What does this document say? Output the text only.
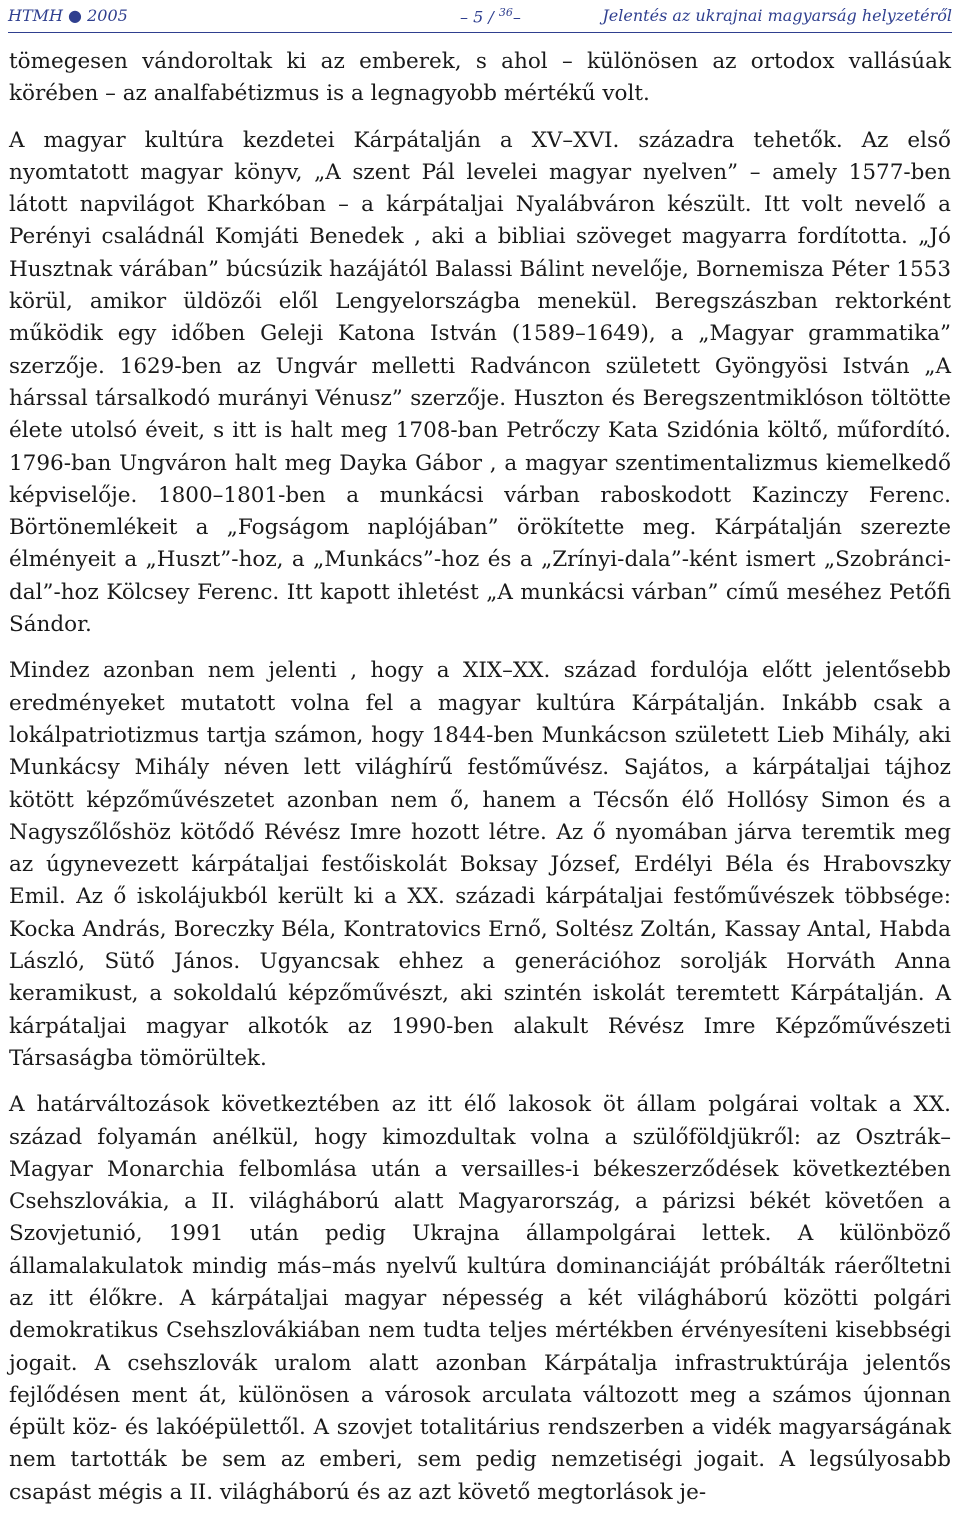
HTMH ● 2005	– 5 / $^{36}$–	Jelentés az ukrajnai magyarság helyzetéről

tömegesen vándoroltak ki az emberek, s ahol – különösen az ortodox vallásúak körében – az analfabétizmus is a legnagyobb mértékű volt.

A magyar kultúra kezdetei Kárpátalján a XV–XVI. századra tehetők. Az első nyomtatott magyar könyv, „A szent Pál levelei magyar nyelven” – amely 1577-ben látott napvilágot Kharkóban – a kárpátaljai Nyalábváron készült. Itt volt nevelő a Perényi családnál Komjáti Benedek , aki a bibliai szöveget magyarra fordította. „Jó Husztnak várában” búcsúzik hazájától Balassi Bálint nevelője, Bornemisza Péter 1553 körül, amikor üldözői elől Lengyelországba menekül. Beregszászban rektorként működik egy időben Geleji Katona István (1589–1649), a „Magyar grammatika” szerzője. 1629-ben az Ungvár melletti Radváncon született Gyöngyösi István „A hárssal társalkodó murányi Vénusz” szerzője. Huszton és Beregszentmiklóson töltötte élete utolsó éveit, s itt is halt meg 1708-ban Petrőczy Kata Szidónia költő, műfordító. 1796-ban Ungváron halt meg Dayka Gábor , a magyar szentimentalizmus kiemelkedő képviselője. 1800–1801-ben a munkácsi várban raboskodott Kazinczy Ferenc. Börtönemlékeit a „Fogságom naplójában” örökítette meg. Kárpátalján szerezte élményeit a „Huszt”-hoz, a „Munkács”-hoz és a „Zrínyi-dala”-ként ismert „Szobránci-dal”-hoz Kölcsey Ferenc. Itt kapott ihletést „A munkácsi várban” című meséhez Petőfi Sándor.

Mindez azonban nem jelenti , hogy a XIX–XX. század fordulója előtt jelentősebb eredményeket mutatott volna fel a magyar kultúra Kárpátalján. Inkább csak a lokálpatriotizmus tartja számon, hogy 1844-ben Munkácson született Lieb Mihály, aki Munkácsy Mihály néven lett világhírű festőművész. Sajátos, a kárpátaljai tájhoz kötött képzőművészetet azonban nem ő, hanem a Técsőn élő Hollósy Simon és a Nagyszőlőshöz kötődő Révész Imre hozott létre. Az ő nyomában járva teremtik meg az úgynevezett kárpátaljai festőiskolát Boksay József, Erdélyi Béla és Hrabovszky Emil. Az ő iskolájukból került ki a XX. századi kárpátaljai festőművészek többsége: Kocka András, Boreczky Béla, Kontratovics Ernő, Soltész Zoltán, Kassay Antal, Habda László, Sütő János. Ugyancsak ehhez a generációhoz sorolják Horváth Anna keramikust, a sokoldalú képzőművészt, aki szintén iskolát teremtett Kárpátalján. A kárpátaljai magyar alkotók az 1990-ben alakult Révész Imre Képzőművészeti Társaságba tömörültek.

A határváltozások következtében az itt élő lakosok öt állam polgárai voltak a XX. század folyamán anélkül, hogy kimozdultak volna a szülőföldjükről: az Osztrák–Magyar Monarchia felbomlása után a versailles-i békeszerződések következtében Csehszlovákia, a II. világháború alatt Magyarország, a párizsi békét követően a Szovjetunió, 1991 után pedig Ukrajna állampolgárai lettek. A különböző államalakulatok mindig más–más nyelvű kultúra dominanciáját próbálták ráerőltetni az itt élőkre. A kárpátaljai magyar népesség a két világháború közötti polgári demokratikus Csehszlovákiában nem tudta teljes mértékben érvényesíteni kisebbségi jogait. A csehszlovák uralom alatt azonban Kárpátalja infrastruktúrája jelentős fejlődésen ment át, különösen a városok arculata változott meg a számos újonnan épült köz- és lakóépülettől. A szovjet totalitárius rendszerben a vidék magyarságának nem tartották be sem az emberi, sem pedig nemzetiségi jogait. A legsúlyosabb csapást mégis a II. világháború és az azt követő megtorlások je-
